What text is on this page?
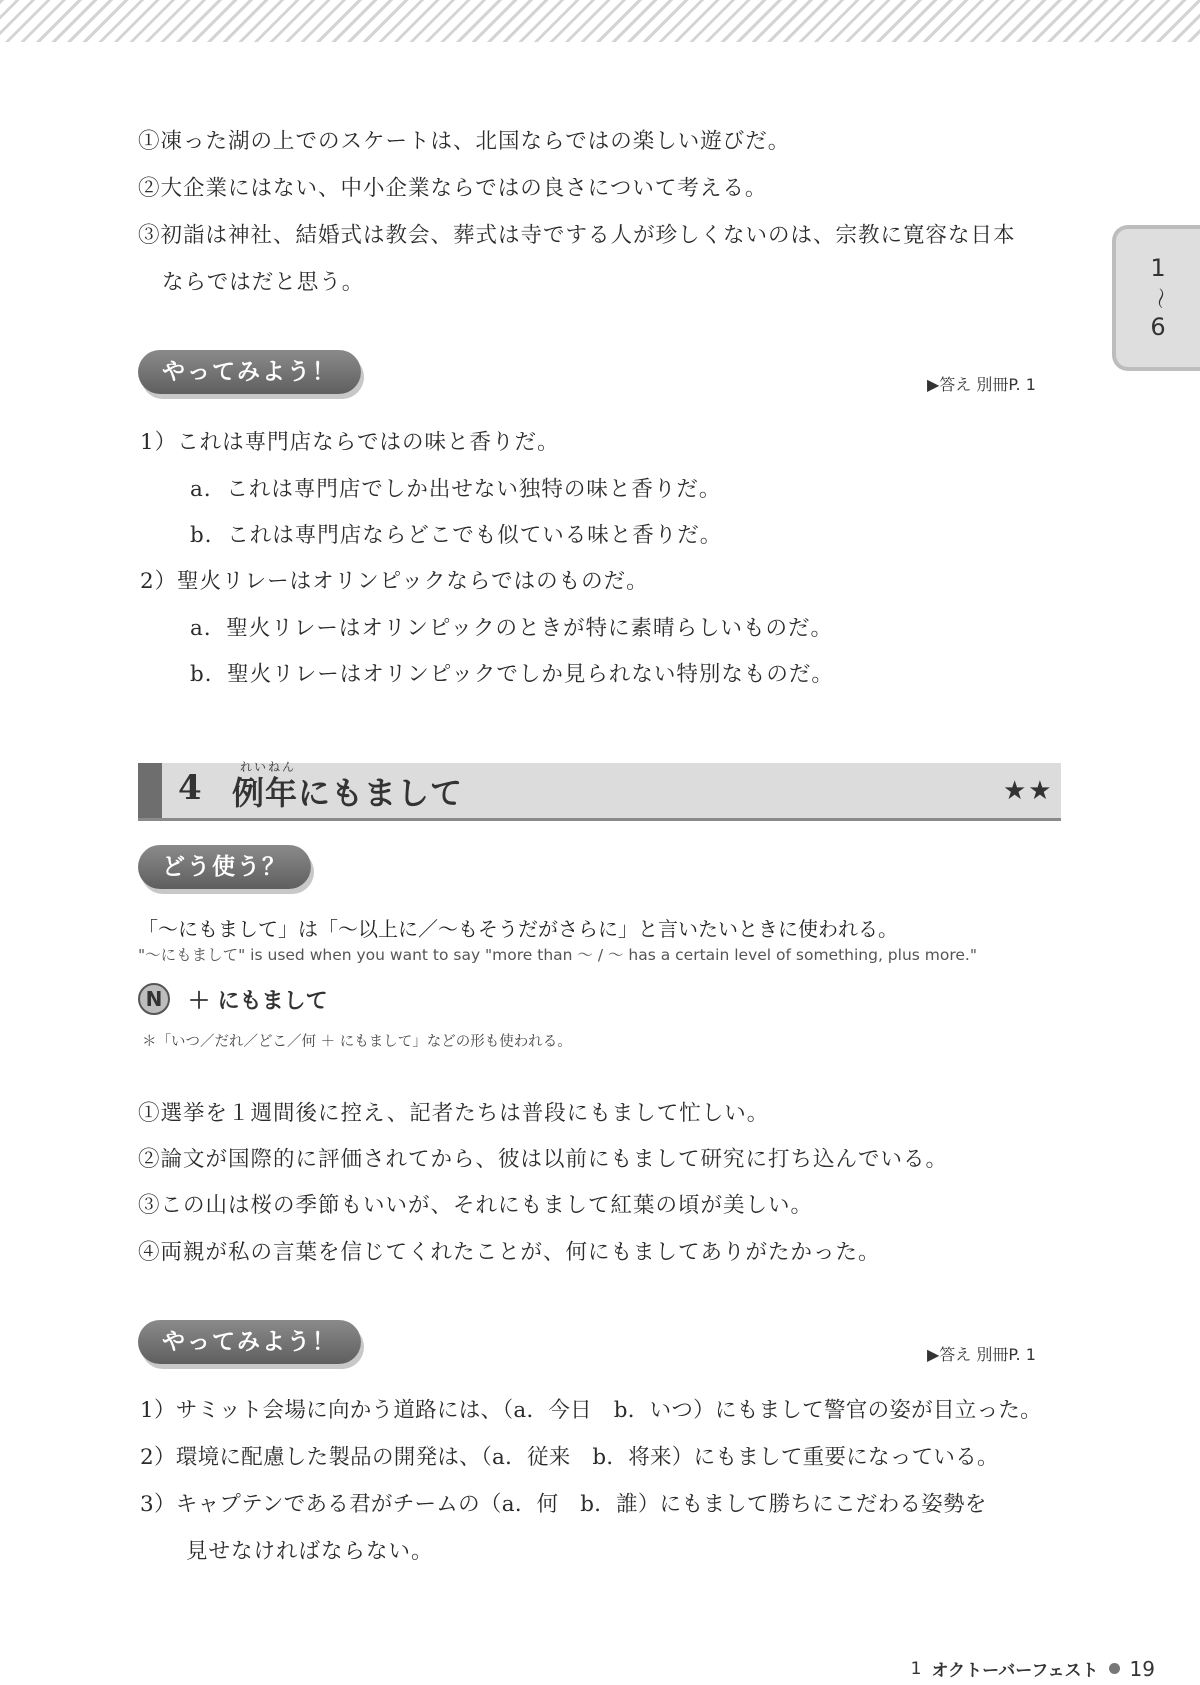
1
〜
6
①凍った湖の上でのスケートは、北国ならではの楽しい遊びだ。
②大企業にはない、中小企業ならではの良さについて考える。
③初詣は神社、結婚式は教会、葬式は寺でする人が珍しくないのは、宗教に寛容な日本
ならではだと思う。
やってみよう！	▶答え 別冊P. 1
1）これは専門店ならではの味と香りだ。
a．これは専門店でしか出せない独特の味と香りだ。
b．これは専門店ならどこでも似ている味と香りだ。
2）聖火リレーはオリンピックならではのものだ。
a．聖火リレーはオリンピックのときが特に素晴らしいものだ。
b．聖火リレーはオリンピックでしか見られない特別なものだ。
れいねん
4 例年にもまして	★★
どう使う？
「〜にもまして」は「〜以上に／〜もそうだがさらに」と言いたいときに使われる。
"〜にもまして" is used when you want to say "more than 〜 / 〜 has a certain level of something, plus more."
N	＋ にもまして
＊「いつ／だれ／どこ／何 ＋ にもまして」などの形も使われる。
①選挙を１週間後に控え、記者たちは普段にもまして忙しい。
②論文が国際的に評価されてから、彼は以前にもまして研究に打ち込んでいる。
③この山は桜の季節もいいが、それにもまして紅葉の頃が美しい。
④両親が私の言葉を信じてくれたことが、何にもましてありがたかった。
やってみよう！	▶答え 別冊P. 1
1）サミット会場に向かう道路には、（a．今日　b．いつ）にもまして警官の姿が目立った。
2）環境に配慮した製品の開発は、（a．従来　b．将来）にもまして重要になっている。
3）キャプテンである君がチームの（a．何　b．誰）にもまして勝ちにこだわる姿勢を
見せなければならない。
1 オクトーバーフェスト 19
